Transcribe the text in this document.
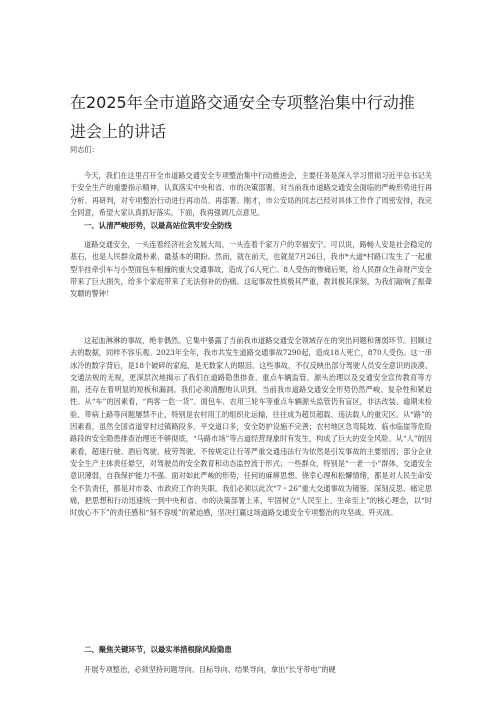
在2025年全市道路交通安全专项整治集中行动推进会上的讲话

同志们：

今天，我们在这里召开全市道路交通安全专项整治集中行动推进会，主要任务是深入学习贯彻习近平总书记关于安全生产的重要指示精神，认真落实中央和省、市的决策部署，对当前我市道路交通安全面临的严峻形势进行再分析、再研判，对专项整治行动进行再动员、再部署。刚才，市公安局的同志已经对具体工作作了周密安排，我完全同意，希望大家认真抓好落实。下面，我再强调几点意见。

一、认清严峻形势，以最高站位筑牢安全防线

道路交通安全，一头连着经济社会发展大局，一头连着千家万户的幸福安宁。可以说，路畅人安是社会稳定的基石，也是人民群众最朴素、最基本的期盼。然而，就在前天，也就是7月26日，我市*大道*村路口发生了一起重型半挂牵引车与小型面包车相撞的重大交通事故，造成了6人死亡、8人受伤的惨痛后果，给人民群众生命财产安全带来了巨大损失，给多个家庭带来了无法弥补的伤痛。这起事故性质极其严重，教训极其深刻，为我们敲响了振聋发聩的警钟！

这起血淋淋的事故，绝非偶然。它集中暴露了当前我市道路交通安全领域存在的突出问题和薄弱环节。回顾过去的数据，同样不容乐观。2023年全年，我市共发生道路交通事故7290起，造成18人死亡，870人受伤。这一串冰冷的数字背后，是18个破碎的家庭，是无数家人的眼泪。这些事故，不仅反映出部分驾驶人员安全意识的淡漠、交通法规的无视，更深层次地揭示了我们在道路隐患排查、重点车辆监管、源头治理以及交通安全宣传教育等方面，还存在着明显的短板和漏洞。我们必须清醒地认识到，当前我市道路交通安全形势仍然严峻、复杂性和紧迫性。从“车”的因素看，“两客一危一货”、面包车、农用三轮车等重点车辆源头监管仍有盲区，非法改装、逾期未检验、带病上路等问题屡禁不止，特别是农村用工的组织化运输，往往成为超员超载、违法载人的重灾区。从“路”的因素看，虽然全国省道穿村过镇路段多、平交道口多，安全防护设施不完善；农村地区急弯陡坡、临水临崖等危险路段的安全隐患排查治理还不够彻底，“马路市场”等占道经营现象时有发生，构成了巨大的安全风险。从“人”的因素看，超速行驶、酒后驾驶、疲劳驾驶、不按规定让行等严重交通违法行为依然是引发事故的主要原因；部分企业安全生产主体责任悬空，对驾驶员的安全教育和动态监控流于形式；一些群众，特别是“一老一小”群体，交通安全意识薄弱，自我保护能力不强。面对如此严峻的形势，任何的麻痹思想、侥幸心理和松懈情绪，都是对人民生命安全不负责任，都是对市委、市政府工作的失职。我们必须以此次“7・26”重大交通事故为镜鉴，深刻反思、痛定思痛，把思想和行动迅速统一到中央和省、市的决策部署上来，牢固树立“人民至上、生命至上”的核心理念，以“时时放心不下”的责任感和“刻不容缓”的紧迫感，坚决打赢这场道路交通安全专项整治的攻坚战、歼灭战。

二、聚焦关键环节，以最实举措根除风险隐患

开展专项整治，必须坚持问题导向、目标导向、结果导向，拿出“长牙带电”的硬
